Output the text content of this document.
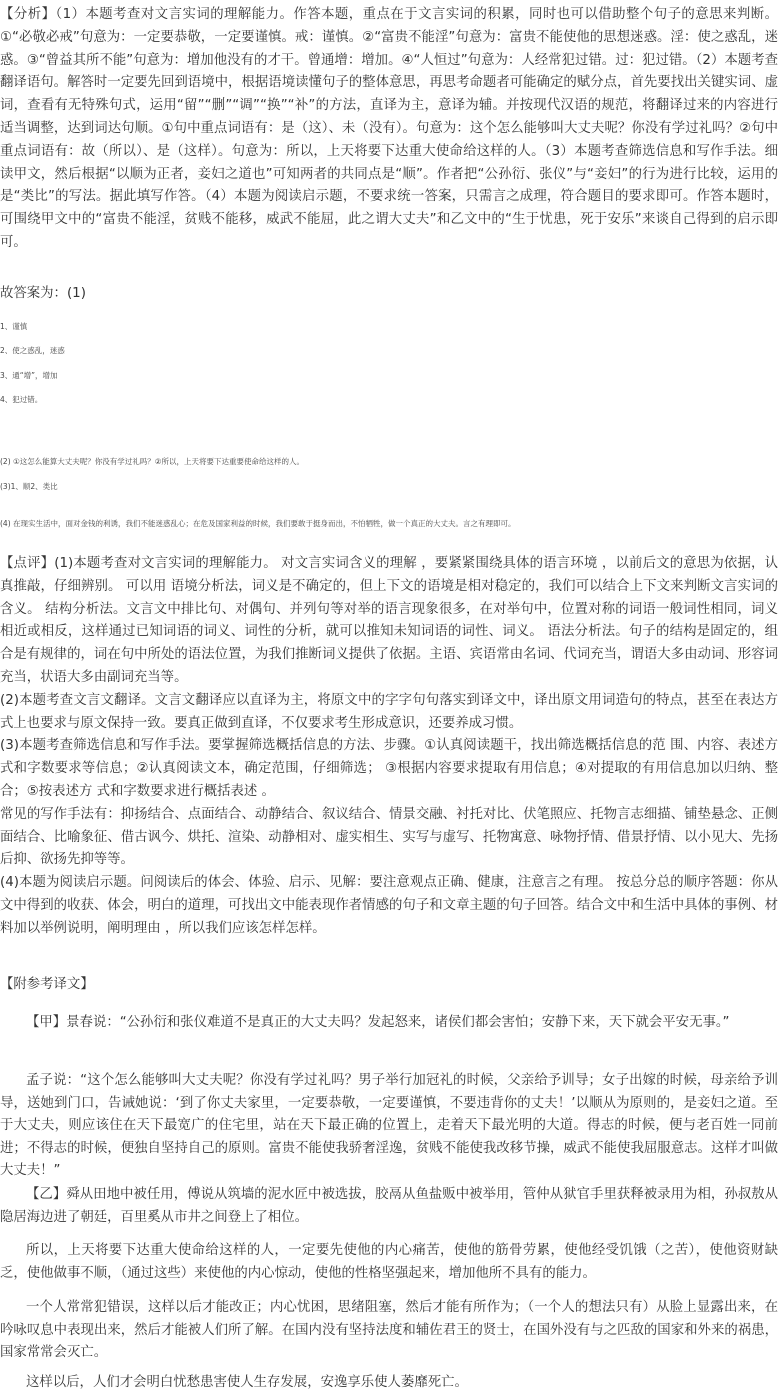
【分析】（1）本题考查对文言实词的理解能力。作答本题，重点在于文言实词的积累，同时也可以借助整个句子的意思来判断。①“必敬必戒”句意为：一定要恭敬，一定要谨慎。戒：谨慎。②“富贵不能淫”句意为：富贵不能使他的思想迷惑。淫：使之惑乱，迷惑。③“曾益其所不能”句意为：增加他没有的才干。曾通增：增加。④“人恒过”句意为：人经常犯过错。过：犯过错。（2）本题考查翻译语句。解答时一定要先回到语境中，根据语境读懂句子的整体意思，再思考命题者可能确定的赋分点，首先要找出关键实词、虚词，查看有无特殊句式，运用“留”“删”“调”“换”“补”的方法，直译为主，意译为辅。并按现代汉语的规范，将翻译过来的内容进行适当调整，达到词达句顺。①句中重点词语有：是（这）、未（没有）。句意为：这个怎么能够叫大丈夫呢？你没有学过礼吗？②句中重点词语有：故（所以）、是（这样）。句意为：所以，上天将要下达重大使命给这样的人。（3）本题考查筛选信息和写作手法。细读甲文，然后根据“以顺为正者，妾妇之道也”可知两者的共同点是“顺”。作者把“公孙衍、张仪”与“妾妇”的行为进行比较，运用的是“类比”的写法。据此填写作答。（4）本题为阅读启示题，不要求统一答案，只需言之成理，符合题目的要求即可。作答本题时，可围绕甲文中的“富贵不能淫，贫贱不能移，威武不能屈，此之谓大丈夫”和乙文中的“生于忧患，死于安乐”来谈自己得到的启示即可。

故答案为：(1)

1、谨慎

2、使之惑乱，迷惑

3、通“增”，增加

4、犯过错。

(2) ①这怎么能算大丈夫呢？你没有学过礼吗？②所以，上天将要下达重要使命给这样的人。

(3)1、顺2、类比

(4) 在现实生活中，面对金钱的利诱，我们不能迷惑乱心；在危及国家利益的时候，我们要敢于挺身而出，不怕牺牲，做一个真正的大丈夫。言之有理即可。

【点评】(1)本题考查对文言实词的理解能力。 对文言实词含义的理解 ，要紧紧围绕具体的语言环境 ，以前后文的意思为依据，认真推敲，仔细辨别。 可以用 语境分析法，词义是不确定的，但上下文的语境是相对稳定的，我们可以结合上下文来判断文言实词的含义。 结构分析法。文言文中排比句、对偶句、并列句等对举的语言现象很多，在对举句中，位置对称的词语一般词性相同，词义相近或相反，这样通过已知词语的词义、词性的分析，就可以推知未知词语的词性、词义。 语法分析法。句子的结构是固定的，组合是有规律的，词在句中所处的语法位置，为我们推断词义提供了依据。主语、宾语常由名词、代词充当，谓语大多由动词、形容词充当，状语大多由副词充当等。

(2)本题考查文言文翻译。文言文翻译应以直译为主，将原文中的字字句句落实到译文中，译出原文用词造句的特点，甚至在表达方式上也要求与原文保持一致。要真正做到直译，不仅要求考生形成意识，还要养成习惯。

(3)本题考查筛选信息和写作手法。要掌握筛选概括信息的方法、步骤。①认真阅读题干，找出筛选概括信息的范 围、内容、表述方式和字数要求等信息；②认真阅读文本，确定范围，仔细筛选； ③根据内容要求提取有用信息；④对提取的有用信息加以归纳、整合；⑤按表述方 式和字数要求进行概括表述 。

常见的写作手法有：抑扬结合、点面结合、动静结合、叙议结合、情景交融、衬托对比、伏笔照应、托物言志细描、铺垫悬念、正侧面结合、比喻象征、借古讽今、烘托、渲染、动静相对、虚实相生、实写与虚写、托物寓意、咏物抒情、借景抒情、以小见大、先扬后抑、欲扬先抑等等。

(4)本题为阅读启示题。问阅读后的体会、体验、启示、见解：要注意观点正确、健康，注意言之有理。 按总分总的顺序答题：你从文中得到的收获、体会，明白的道理，可找出文中能表现作者情感的句子和文章主题的句子回答。结合文中和生活中具体的事例、材料加以举例说明，阐明理由 ，所以我们应该怎样怎样。

【附参考译文】

【甲】景春说：“公孙衍和张仪难道不是真正的大丈夫吗？发起怒来，诸侯们都会害怕；安静下来，天下就会平安无事。”

孟子说：“这个怎么能够叫大丈夫呢？你没有学过礼吗？男子举行加冠礼的时候，父亲给予训导；女子出嫁的时候，母亲给予训导，送她到门口，告诫她说：‘到了你丈夫家里，一定要恭敬，一定要谨慎，不要违背你的丈夫！’以顺从为原则的，是妾妇之道。至于大丈夫，则应该住在天下最宽广的住宅里，站在天下最正确的位置上，走着天下最光明的大道。得志的时候，便与老百姓一同前进；不得志的时候，便独自坚持自己的原则。富贵不能使我骄奢淫逸，贫贱不能使我改移节操，威武不能使我屈服意志。这样才叫做大丈夫！”

【乙】舜从田地中被任用，傅说从筑墙的泥水匠中被选拔，胶鬲从鱼盐贩中被举用，管仲从狱官手里获释被录用为相，孙叔敖从隐居海边进了朝廷，百里奚从市井之间登上了相位。

所以，上天将要下达重大使命给这样的人，一定要先使他的内心痛苦，使他的筋骨劳累，使他经受饥饿（之苦），使他资财缺乏，使他做事不顺，（通过这些）来使他的内心惊动，使他的性格坚强起来，增加他所不具有的能力。

一个人常常犯错误，这样以后才能改正；内心忧困，思绪阻塞，然后才能有所作为；（一个人的想法只有）从脸上显露出来，在吟咏叹息中表现出来，然后才能被人们所了解。在国内没有坚持法度和辅佐君王的贤士，在国外没有与之匹敌的国家和外来的祸患，国家常常会灭亡。

这样以后，人们才会明白忧愁患害使人生存发展，安逸享乐使人萎靡死亡。
